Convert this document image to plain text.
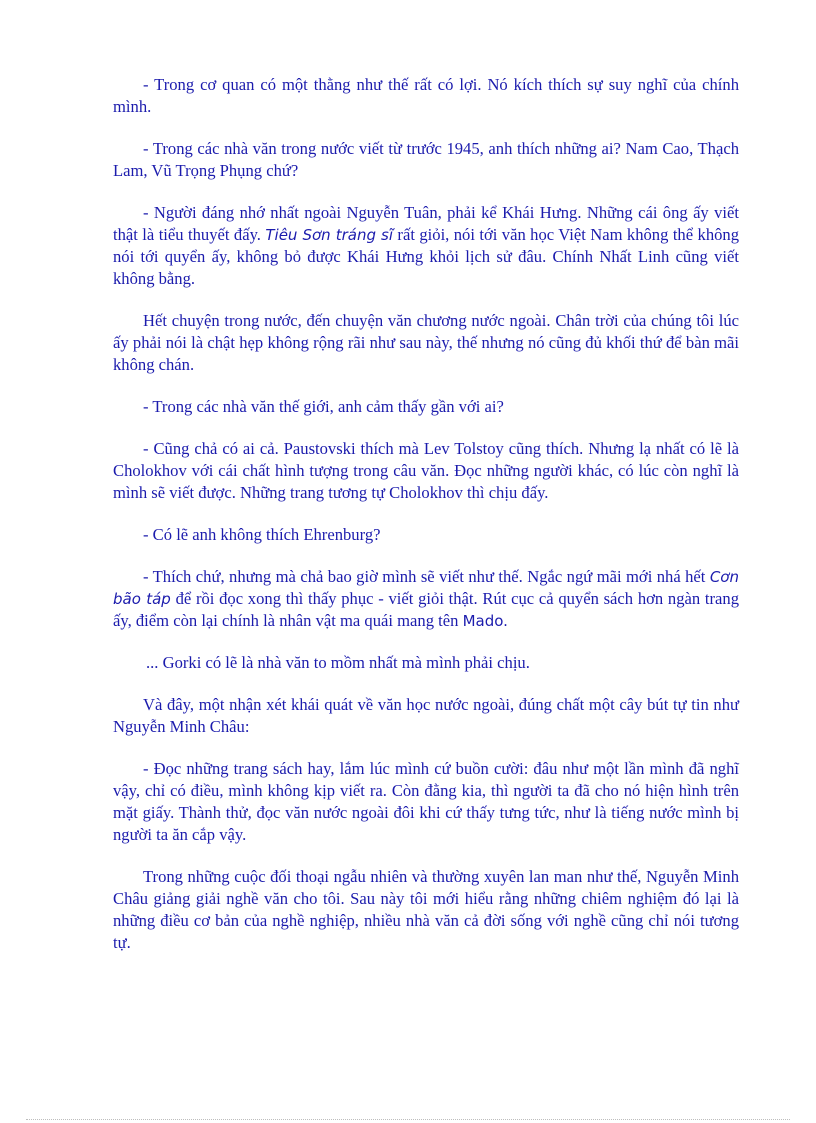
- Trong cơ quan có một thằng như thế rất có lợi. Nó kích thích sự suy nghĩ của chính mình.

- Trong các nhà văn trong nước viết từ trước 1945, anh thích những ai? Nam Cao, Thạch Lam, Vũ Trọng Phụng chứ?

- Người đáng nhớ nhất ngoài Nguyễn Tuân, phải kể Khái Hưng. Những cái ông ấy viết thật là tiểu thuyết đấy. Tiêu Sơn tráng sĩ rất giỏi, nói tới văn học Việt Nam không thể không nói tới quyển ấy, không bỏ được Khái Hưng khỏi lịch sử đâu. Chính Nhất Linh cũng viết không bằng.

Hết chuyện trong nước, đến chuyện văn chương nước ngoài. Chân trời của chúng tôi lúc ấy phải nói là chật hẹp không rộng rãi như sau này, thế nhưng nó cũng đủ khối thứ để bàn mãi không chán.

- Trong các nhà văn thế giới, anh cảm thấy gần với ai?

- Cũng chả có ai cả. Paustovski thích mà Lev Tolstoy cũng thích. Nhưng lạ nhất có lẽ là Cholokhov với cái chất hình tượng trong câu văn. Đọc những người khác, có lúc còn nghĩ là mình sẽ viết được. Những trang tương tự Cholokhov thì chịu đấy.

- Có lẽ anh không thích Ehrenburg?

- Thích chứ, nhưng mà chả bao giờ mình sẽ viết như thế. Ngắc ngứ mãi mới nhá hết Cơn bão táp để rồi đọc xong thì thấy phục - viết giỏi thật. Rút cục cả quyển sách hơn ngàn trang ấy, điểm còn lại chính là nhân vật ma quái mang tên Mado.

... Gorki có lẽ là nhà văn to mồm nhất mà mình phải chịu.

Và đây, một nhận xét khái quát về văn học nước ngoài, đúng chất một cây bút tự tin như Nguyễn Minh Châu:

- Đọc những trang sách hay, lắm lúc mình cứ buồn cười: đâu như một lần mình đã nghĩ vậy, chỉ có điều, mình không kịp viết ra. Còn đằng kia, thì người ta đã cho nó hiện hình trên mặt giấy. Thành thử, đọc văn nước ngoài đôi khi cứ thấy tưng tức, như là tiếng nước mình bị người ta ăn cắp vậy.

Trong những cuộc đối thoại ngẫu nhiên và thường xuyên lan man như thế, Nguyễn Minh Châu giảng giải nghề văn cho tôi. Sau này tôi mới hiểu rằng những chiêm nghiệm đó lại là những điều cơ bản của nghề nghiệp, nhiều nhà văn cả đời sống với nghề cũng chỉ nói tương tự.
